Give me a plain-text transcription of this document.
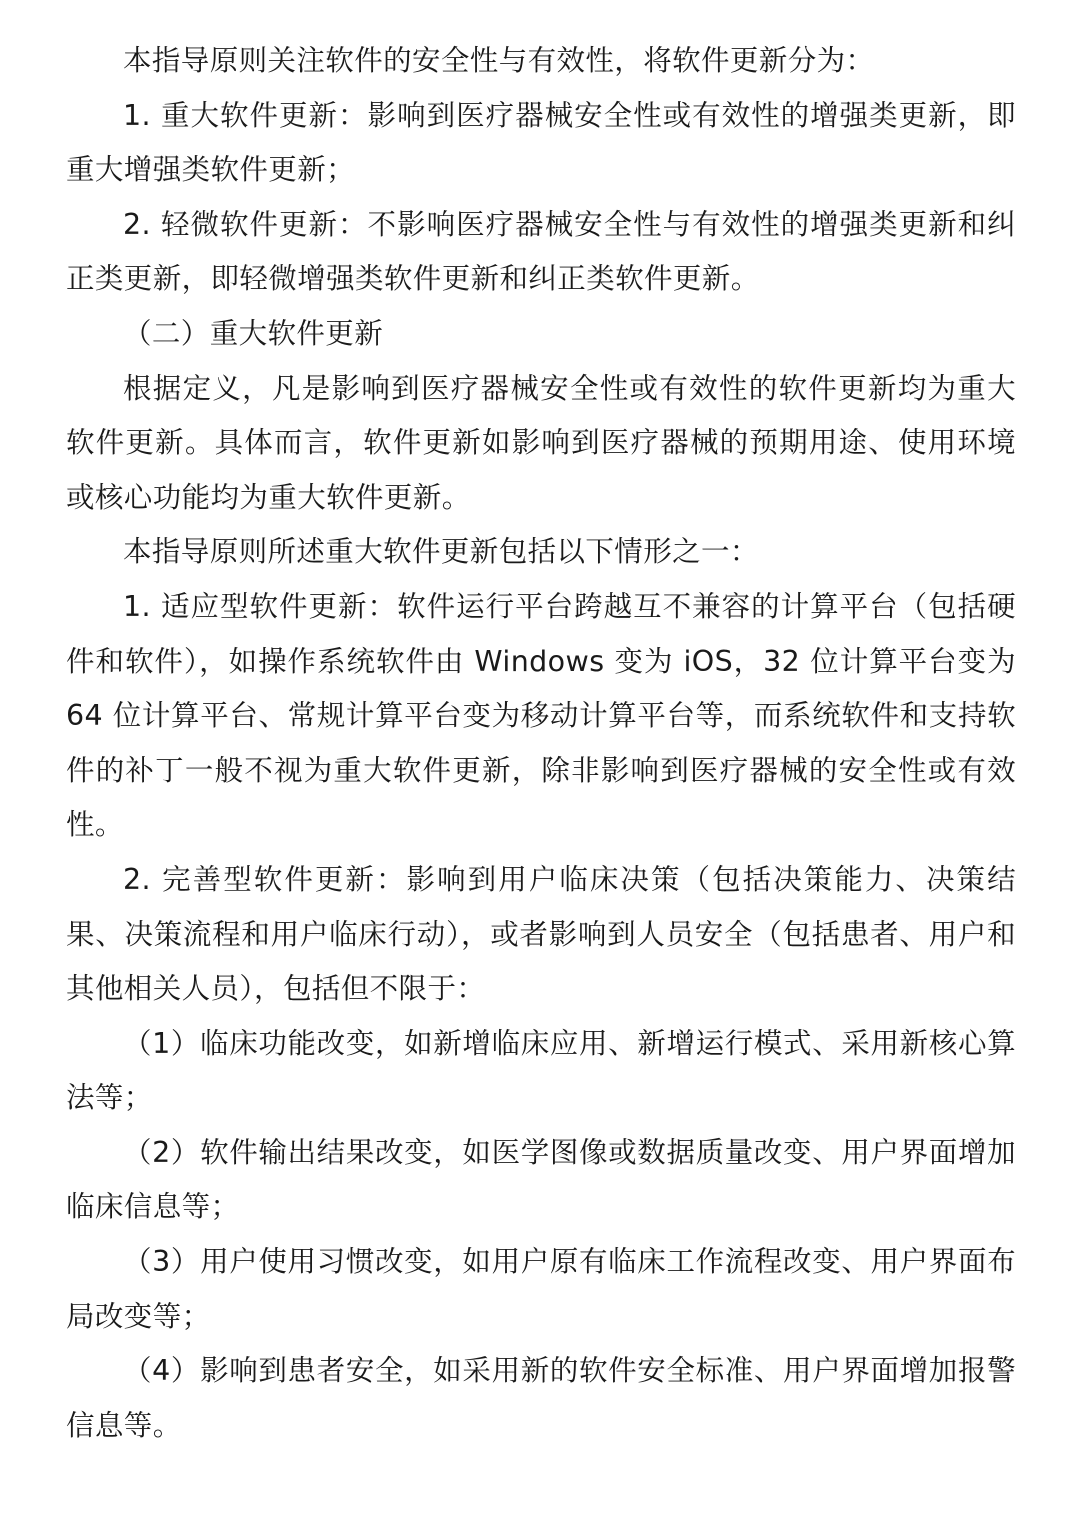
本指导原则关注软件的安全性与有效性，将软件更新分为：

1. 重大软件更新：影响到医疗器械安全性或有效性的增强类更新，即重大增强类软件更新；

2. 轻微软件更新：不影响医疗器械安全性与有效性的增强类更新和纠正类更新，即轻微增强类软件更新和纠正类软件更新。

（二）重大软件更新

根据定义，凡是影响到医疗器械安全性或有效性的软件更新均为重大软件更新。具体而言，软件更新如影响到医疗器械的预期用途、使用环境或核心功能均为重大软件更新。

本指导原则所述重大软件更新包括以下情形之一：

1. 适应型软件更新：软件运行平台跨越互不兼容的计算平台（包括硬件和软件），如操作系统软件由 Windows 变为 iOS，32 位计算平台变为 64 位计算平台、常规计算平台变为移动计算平台等，而系统软件和支持软件的补丁一般不视为重大软件更新，除非影响到医疗器械的安全性或有效性。

2. 完善型软件更新：影响到用户临床决策（包括决策能力、决策结果、决策流程和用户临床行动），或者影响到人员安全（包括患者、用户和其他相关人员），包括但不限于：

（1）临床功能改变，如新增临床应用、新增运行模式、采用新核心算法等；

（2）软件输出结果改变，如医学图像或数据质量改变、用户界面增加临床信息等；

（3）用户使用习惯改变，如用户原有临床工作流程改变、用户界面布局改变等；

（4）影响到患者安全，如采用新的软件安全标准、用户界面增加报警信息等。
